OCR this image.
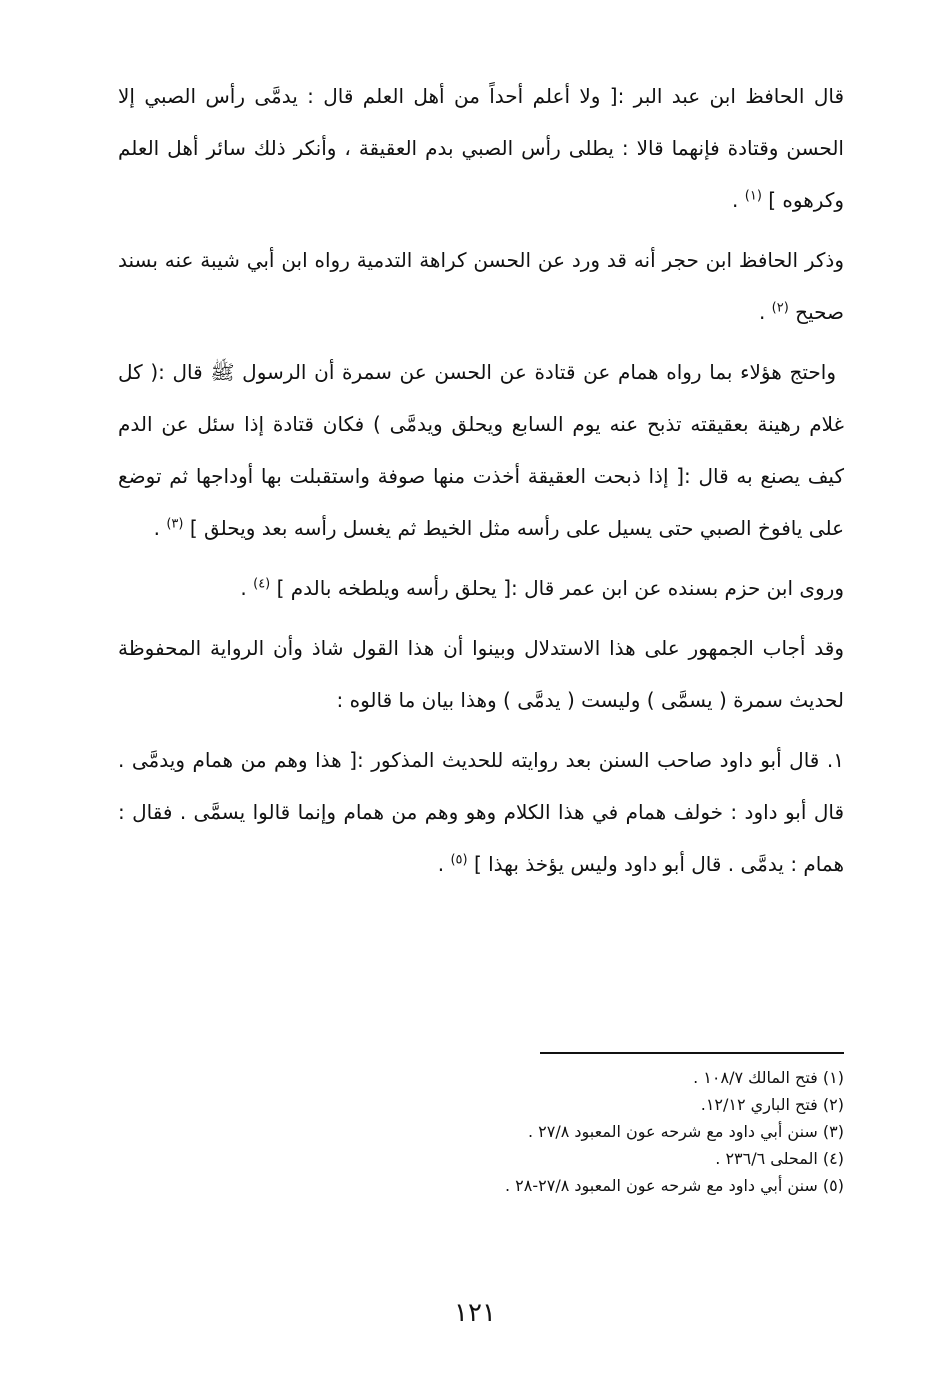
قال الحافظ ابن عبد البر :[ ولا أعلم أحداً من أهل العلم قال : يدمَّى رأس الصبي إلا الحسن وقتادة فإنهما قالا : يطلى رأس الصبي بدم العقيقة ، وأنكر ذلك سائر أهل العلم وكرهوه ] $^{(١)}$ .

وذكر الحافظ ابن حجر أنه قد ورد عن الحسن كراهة التدمية رواه ابن أبي شيبة عنه بسند صحيح $^{(٢)}$ .

واحتج هؤلاء بما رواه همام عن قتادة عن الحسن عن سمرة أن الرسول ﷺ قال :( كل غلام رهينة بعقيقته تذبح عنه يوم السابع ويحلق ويدمَّى ) فكان قتادة إذا سئل عن الدم كيف يصنع به قال :[ إذا ذبحت العقيقة أخذت منها صوفة واستقبلت بها أوداجها ثم توضع على يافوخ الصبي حتى يسيل على رأسه مثل الخيط ثم يغسل رأسه بعد ويحلق ] $^{(٣)}$ .

وروى ابن حزم بسنده عن ابن عمر قال :[ يحلق رأسه ويلطخه بالدم ] $^{(٤)}$ .

وقد أجاب الجمهور على هذا الاستدلال وبينوا أن هذا القول شاذ وأن الرواية المحفوظة لحديث سمرة ( يسمَّى ) وليست ( يدمَّى ) وهذا بيان ما قالوه :

١. قال أبو داود صاحب السنن بعد روايته للحديث المذكور :[ هذا وهم من همام ويدمَّى . قال أبو داود : خولف همام في هذا الكلام وهو وهم من همام وإنما قالوا يسمَّى . فقال : همام : يدمَّى . قال أبو داود وليس يؤخذ بهذا ] $^{(٥)}$ .

(١) فتح المالك ١٠٨/٧ .
(٢) فتح الباري ١٢/١٢.
(٣) سنن أبي داود مع شرحه عون المعبود ٢٧/٨ .
(٤) المحلى ٢٣٦/٦ .
(٥) سنن أبي داود مع شرحه عون المعبود ٢٧/٨-٢٨ .
١٢١
